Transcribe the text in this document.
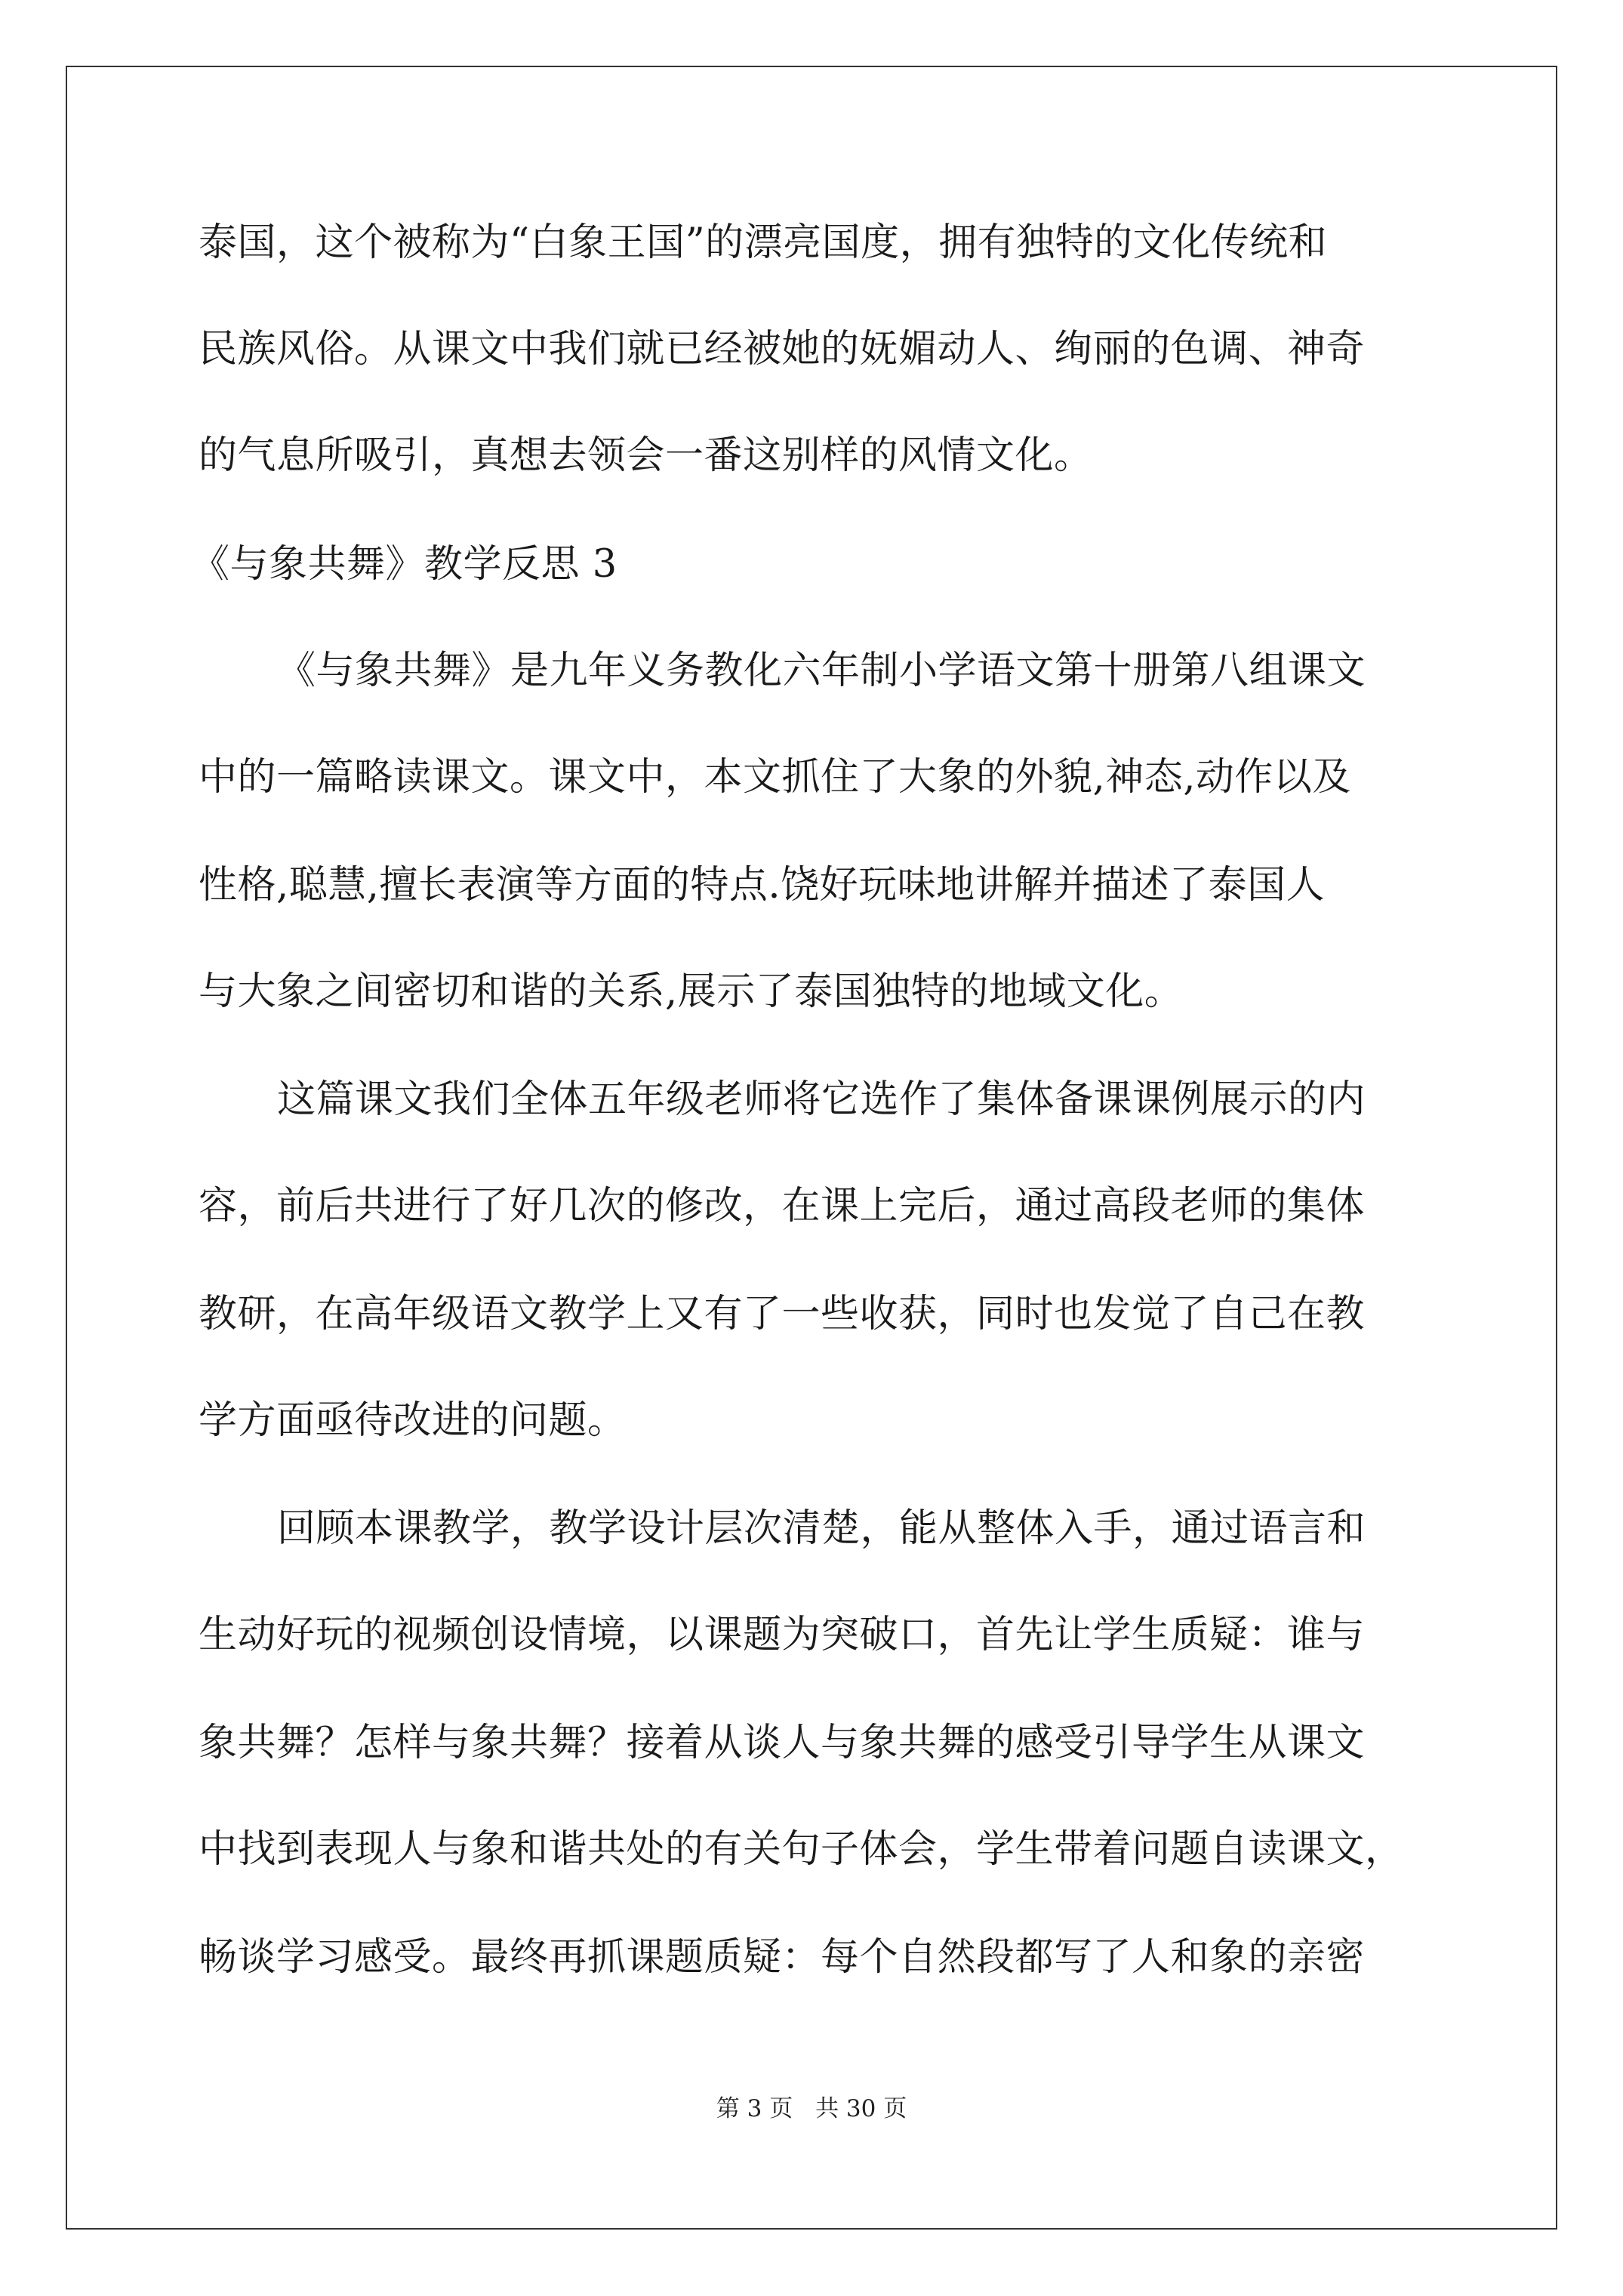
泰国，这个被称为“白象王国”的漂亮国度，拥有独特的文化传统和
民族风俗。从课文中我们就已经被她的妩媚动人、绚丽的色调、神奇
的气息所吸引，真想去领会一番这别样的风情文化。
《与象共舞》教学反思 3
《与象共舞》是九年义务教化六年制小学语文第十册第八组课文
中的一篇略读课文。课文中，本文抓住了大象的外貌,神态,动作以及
性格,聪慧,擅长表演等方面的特点.饶好玩味地讲解并描述了泰国人
与大象之间密切和谐的关系,展示了泰国独特的地域文化。
这篇课文我们全体五年级老师将它选作了集体备课课例展示的内
容，前后共进行了好几次的修改，在课上完后，通过高段老师的集体
教研，在高年级语文教学上又有了一些收获，同时也发觉了自己在教
学方面亟待改进的问题。
回顾本课教学，教学设计层次清楚，能从整体入手，通过语言和
生动好玩的视频创设情境，以课题为突破口，首先让学生质疑：谁与
象共舞？怎样与象共舞？接着从谈人与象共舞的感受引导学生从课文
中找到表现人与象和谐共处的有关句子体会，学生带着问题自读课文，
畅谈学习感受。最终再抓课题质疑：每个自然段都写了人和象的亲密
第 3 页 共 30 页
